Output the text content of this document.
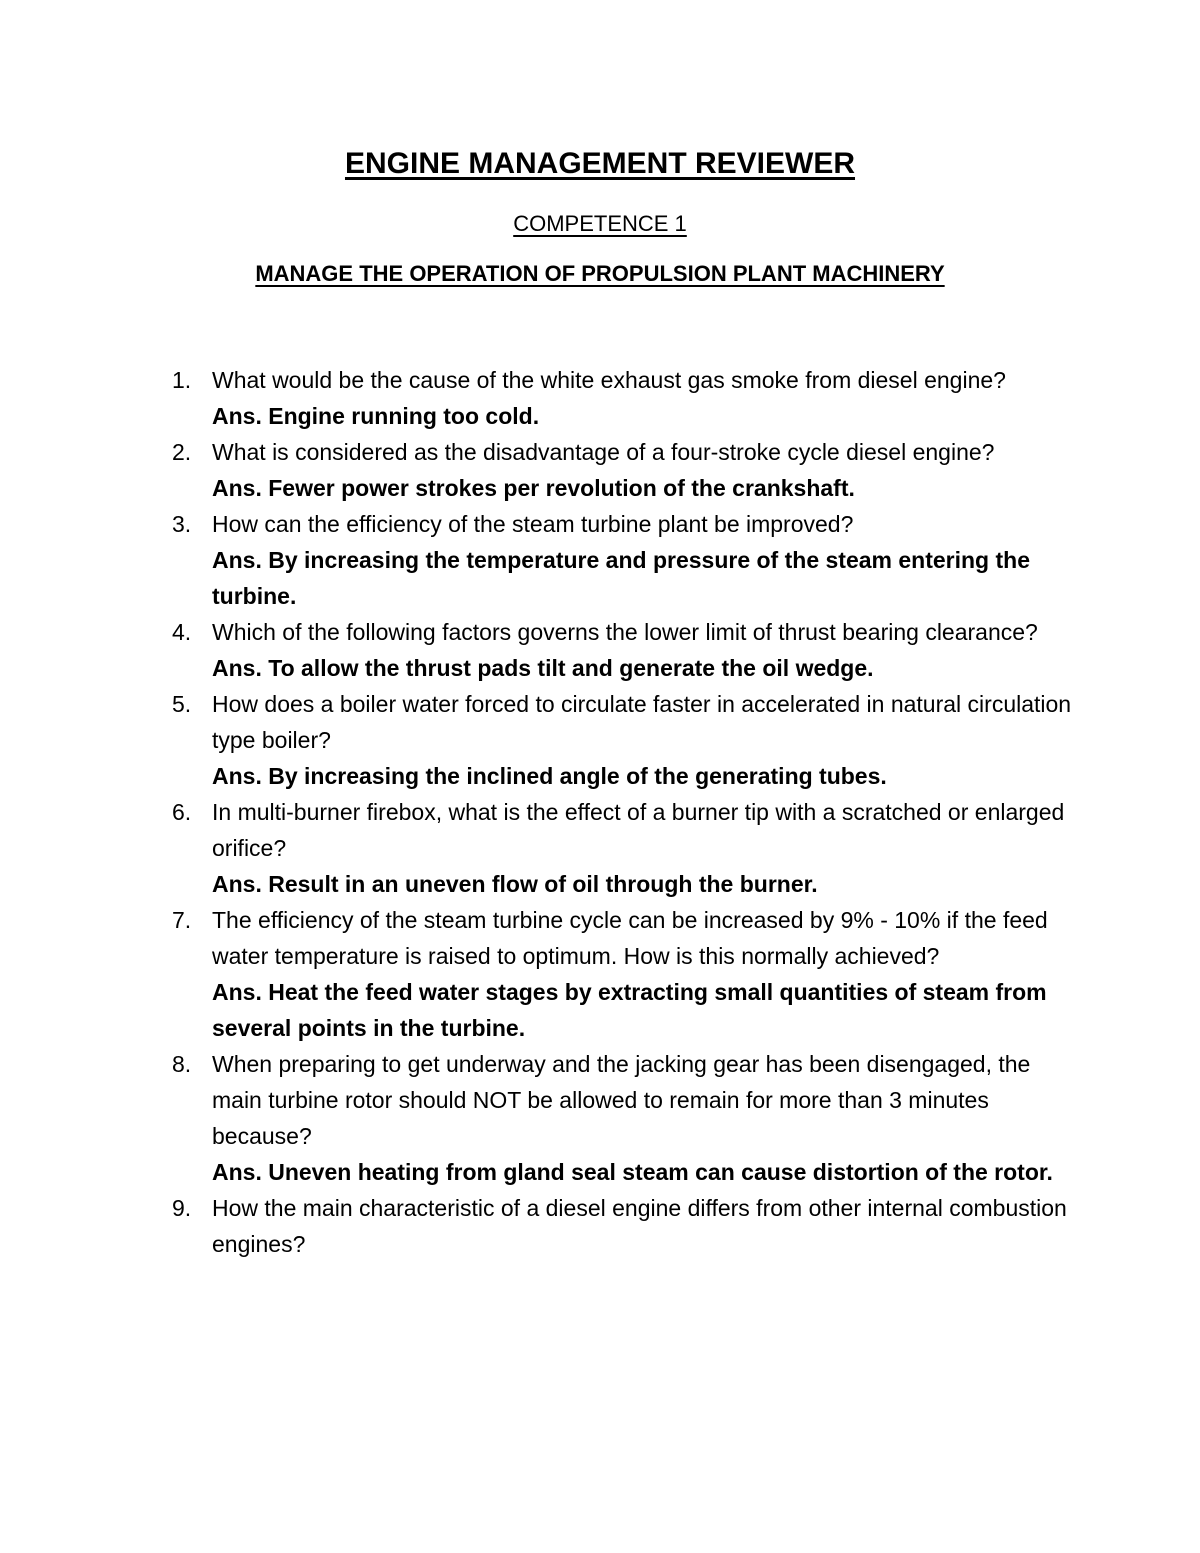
ENGINE MANAGEMENT REVIEWER
COMPETENCE 1
MANAGE THE OPERATION OF PROPULSION PLANT MACHINERY
1. What would be the cause of the white exhaust gas smoke from diesel engine?
Ans. Engine running too cold.
2. What is considered as the disadvantage of a four-stroke cycle diesel engine?
Ans. Fewer power strokes per revolution of the crankshaft.
3. How can the efficiency of the steam turbine plant be improved?
Ans. By increasing the temperature and pressure of the steam entering the turbine.
4. Which of the following factors governs the lower limit of thrust bearing clearance?
Ans. To allow the thrust pads tilt and generate the oil wedge.
5. How does a boiler water forced to circulate faster in accelerated in natural circulation type boiler?
Ans. By increasing the inclined angle of the generating tubes.
6. In multi-burner firebox, what is the effect of a burner tip with a scratched or enlarged orifice?
Ans. Result in an uneven flow of oil through the burner.
7. The efficiency of the steam turbine cycle can be increased by 9% - 10% if the feed water temperature is raised to optimum. How is this normally achieved?
Ans. Heat the feed water stages by extracting small quantities of steam from several points in the turbine.
8. When preparing to get underway and the jacking gear has been disengaged, the main turbine rotor should NOT be allowed to remain for more than 3 minutes because?
Ans. Uneven heating from gland seal steam can cause distortion of the rotor.
9. How the main characteristic of a diesel engine differs from other internal combustion engines?
